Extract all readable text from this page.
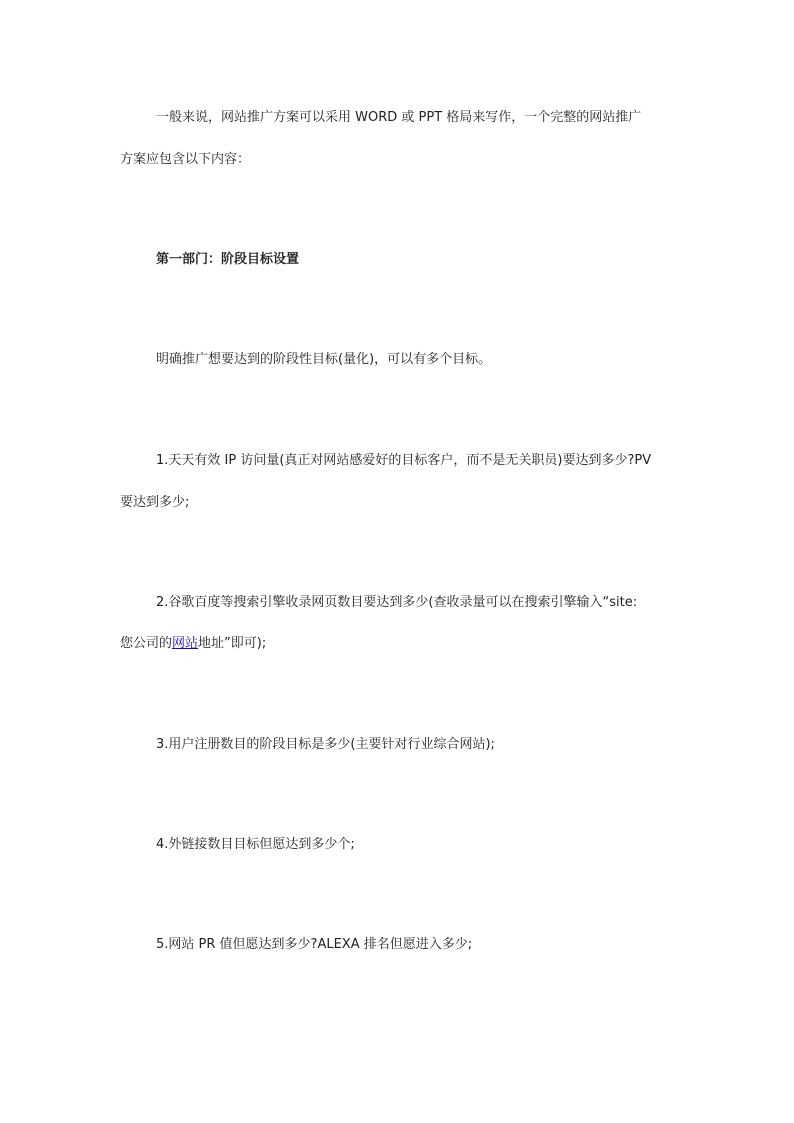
一般来说，网站推广方案可以采用 WORD 或 PPT 格局来写作，一个完整的网站推广
方案应包含以下内容：
第一部门：阶段目标设置
明确推广想要达到的阶段性目标(量化)，可以有多个目标。
1.天天有效 IP 访问量(真正对网站感爱好的目标客户，而不是无关职员)要达到多少?PV
要达到多少;
2.谷歌百度等搜索引擎收录网页数目要达到多少(查收录量可以在搜索引擎输入“site:
您公司的网站地址”即可);
3.用户注册数目的阶段目标是多少(主要针对行业综合网站);
4.外链接数目目标但愿达到多少个;
5.网站 PR 值但愿达到多少?ALEXA 排名但愿进入多少;
